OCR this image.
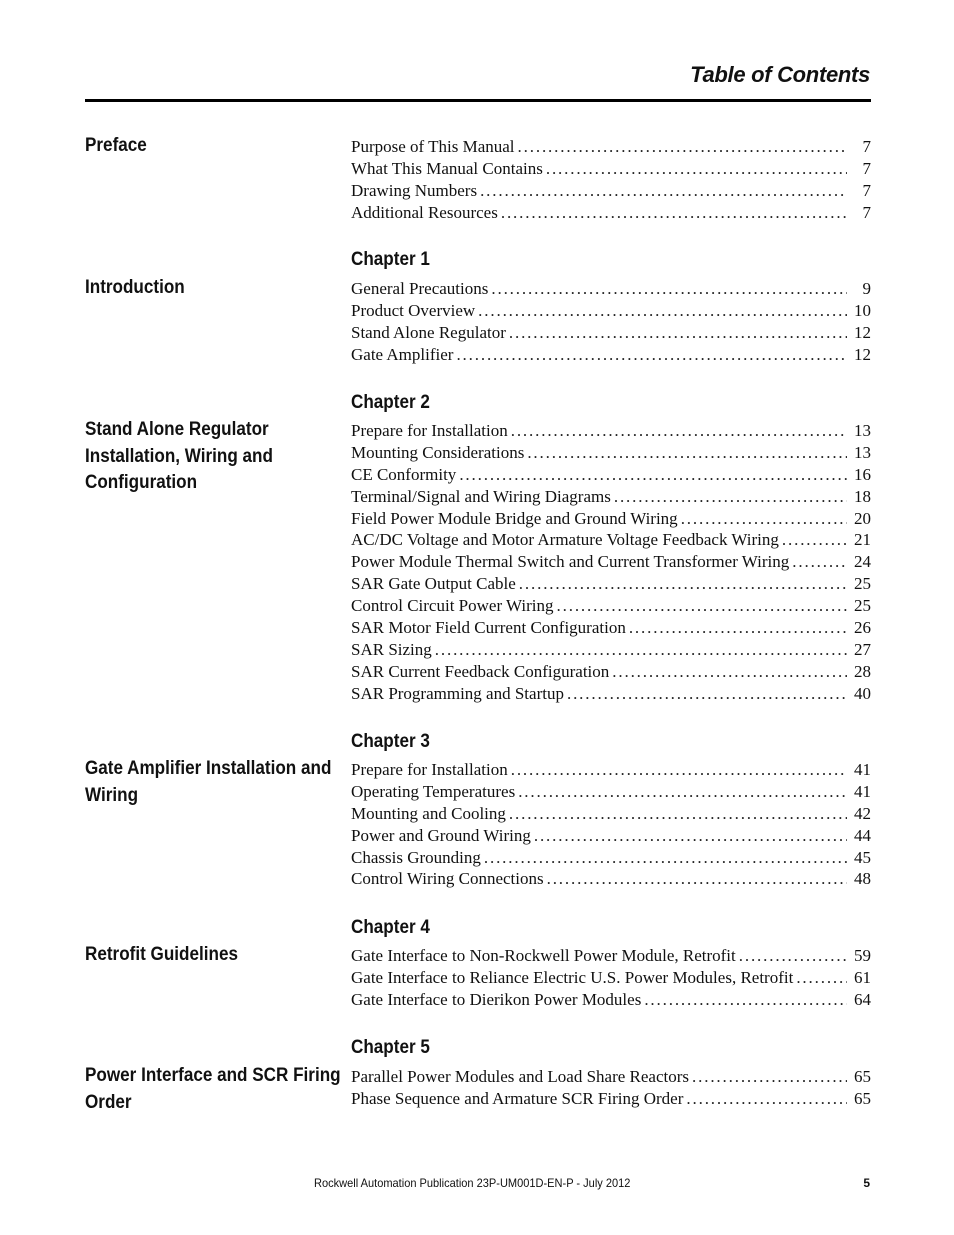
Table of Contents
Preface	Purpose of This Manual . . .	7
What This Manual Contains . . .	7
Drawing Numbers . . .	7
Additional Resources . . .	7
Introduction
Chapter 1
General Precautions . . .	9
Product Overview . . .	10
Stand Alone Regulator . . .	12
Gate Amplifier . . .	12
Stand Alone Regulator
Installation, Wiring and
Configuration
Chapter 2
Prepare for Installation . . .	13
Mounting Considerations . . .	13
CE Conformity . . .	16
Terminal/Signal and Wiring Diagrams . . .	18
Field Power Module Bridge and Ground Wiring . . .	20
AC/DC Voltage and Motor Armature Voltage Feedback Wiring . . .	21
Power Module Thermal Switch and Current Transformer Wiring . . .	24
SAR Gate Output Cable . . .	25
Control Circuit Power Wiring . . .	25
SAR Motor Field Current Configuration . . .	26
SAR Sizing . . .	27
SAR Current Feedback Configuration . . .	28
SAR Programming and Startup . . .	40
Gate Amplifier Installation and
Wiring
Chapter 3
Prepare for Installation . . .	41
Operating Temperatures . . .	41
Mounting and Cooling . . .	42
Power and Ground Wiring . . .	44
Chassis Grounding . . .	45
Control Wiring Connections . . .	48
Retrofit Guidelines
Chapter 4
Gate Interface to Non-Rockwell Power Module, Retrofit . . .	59
Gate Interface to Reliance Electric U.S. Power Modules, Retrofit . . .	61
Gate Interface to Dierikon Power Modules . . .	64
Power Interface and SCR Firing
Order
Chapter 5
Parallel Power Modules and Load Share Reactors . . .	65
Phase Sequence and Armature SCR Firing Order . . .	65
Rockwell Automation Publication 23P-UM001D-EN-P - July 2012	5
